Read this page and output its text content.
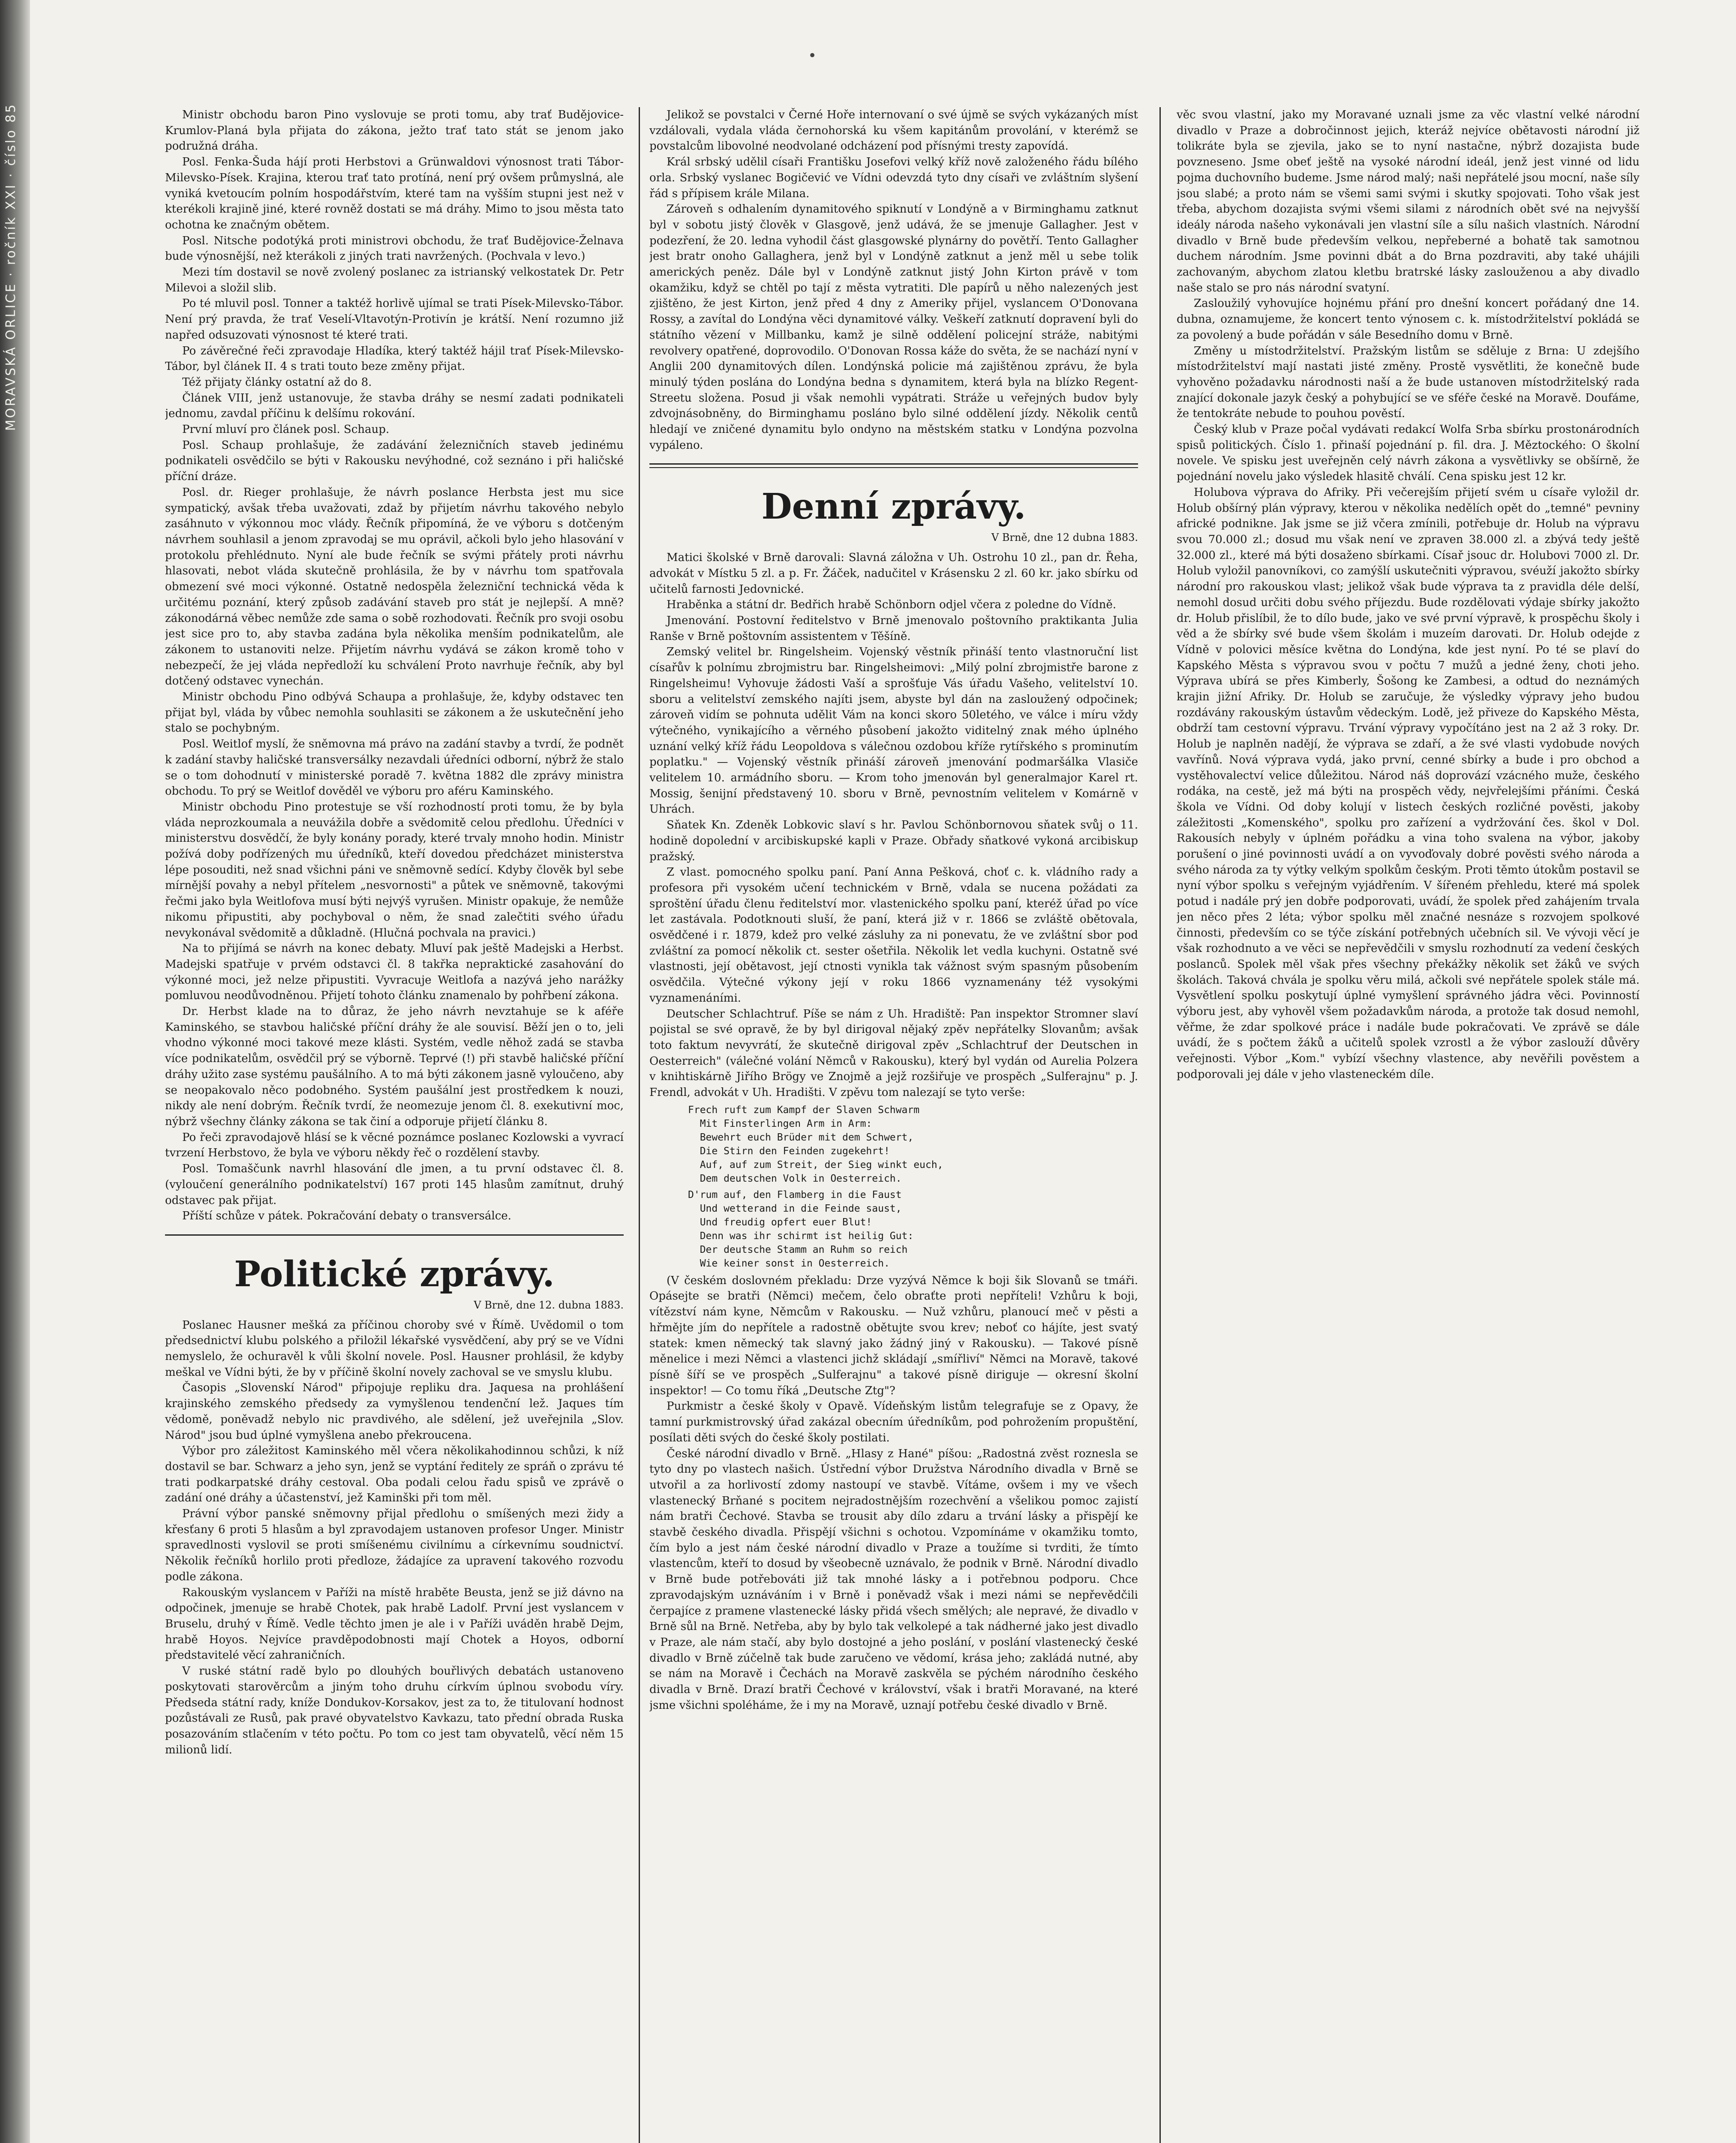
MORAVSKÁ ORLICE · ročník XXI · číslo 85
•

Ministr obchodu baron Pino vyslovuje se proti tomu, aby trať Budějovice-Krumlov-Planá byla přijata do zákona, ježto trať tato stát se jenom jako podružná dráha.

Posl. Fenka-Šuda hájí proti Herbstovi a Grünwaldovi výnosnost trati Tábor-Milevsko-Písek. Krajina, kterou trať tato protíná, není prý ovšem průmyslná, ale vyniká kvetoucím polním hospodářstvím, které tam na vyšším stupni jest než v kterékoli krajině jiné, které rovněž dostati se má dráhy. Mimo to jsou města tato ochotna ke značným obětem.

Posl. Nitsche podotýká proti ministrovi obchodu, že trať Budějovice-Želnava bude výnosnější, než kterákoli z jiných trati navržených. (Pochvala v levo.)

Mezi tím dostavil se nově zvolený poslanec za istrianský velkostatek Dr. Petr Milevoi a složil slib.

Po té mluvil posl. Tonner a taktéž horlivě ujímal se trati Písek-Milevsko-Tábor. Není prý pravda, že trať Veselí-Vltavotýn-Protivín je krátší. Není rozumno již napřed odsuzovati výnosnost té které trati.

Po závěrečné řeči zpravodaje Hladíka, který taktéž hájil trať Písek-Milevsko-Tábor, byl článek II. 4 s trati touto beze změny přijat.

Též přijaty články ostatní až do 8.

Článek VIII, jenž ustanovuje, že stavba dráhy se nesmí zadati podnikateli jednomu, zavdal příčinu k delšímu rokování.

První mluví pro článek posl. Schaup.

Posl. Schaup prohlašuje, že zadávání železničních staveb jedinému podnikateli osvědčilo se býti v Rakousku nevýhodné, což seznáno i při haličské příční dráze.

Posl. dr. Rieger prohlašuje, že návrh poslance Herbsta jest mu sice sympatický, avšak třeba uvažovati, zdaž by přijetím návrhu takového nebylo zasáhnuto v výkonnou moc vlády. Řečník připomíná, že ve výboru s dotčeným návrhem souhlasil a jenom zpravodaj se mu oprávil, ačkoli bylo jeho hlasování v protokolu přehlédnuto. Nyní ale bude řečník se svými přátely proti návrhu hlasovati, nebot vláda skutečně prohlásila, že by v návrhu tom spatřovala obmezení své moci výkonné. Ostatně nedospěla železniční technická věda k určitému poznání, který způsob zadávání staveb pro stát je nejlepší. A mně? zákonodárná věbec nemůže zde sama o sobě rozhodovati. Řečník pro svoji osobu jest sice pro to, aby stavba zadána byla několika menším podnikatelům, ale zákonem to ustanoviti nelze. Přijetím návrhu vydává se zákon kromě toho v nebezpečí, že jej vláda nepředloží ku schválení Proto navrhuje řečník, aby byl dotčený odstavec vynechán.

Ministr obchodu Pino odbývá Schaupa a prohlašuje, že, kdyby odstavec ten přijat byl, vláda by vůbec nemohla souhlasiti se zákonem a že uskutečnění jeho stalo se pochybným.

Posl. Weitlof myslí, že sněmovna má právo na zadání stavby a tvrdí, že podnět k zadání stavby haličské transversálky nezavdali úředníci odborní, nýbrž že stalo se o tom dohodnutí v ministerské poradě 7. května 1882 dle zprávy ministra obchodu. To prý se Weitlof dověděl ve výboru pro aféru Kaminského.

Ministr obchodu Pino protestuje se vší rozhodností proti tomu, že by byla vláda neprozkoumala a neuvážila dobře a svědomitě celou předlohu. Úředníci v ministerstvu dosvědčí, že byly konány porady, které trvaly mnoho hodin. Ministr požívá doby podřízených mu úředníků, kteří dovedou předcházet ministerstva lépe posouditi, než snad všichni páni ve sněmovně sedící. Kdyby člověk byl sebe mírnější povahy a nebyl přítelem „nesvornosti" a půtek ve sněmovně, takovými řečmi jako byla Weitlofova musí býti nejvýš vyrušen. Ministr opakuje, že nemůže nikomu připustiti, aby pochyboval o něm, že snad zalečtiti svého úřadu nevykonával svědomitě a důkladně. (Hlučná pochvala na pravici.)

Na to přijímá se návrh na konec debaty. Mluví pak ještě Madejski a Herbst. Madejski spatřuje v prvém odstavci čl. 8 takřka nepraktické zasahování do výkonné moci, jež nelze připustiti. Vyvracuje Weitlofa a nazývá jeho narážky pomluvou neodůvodněnou. Přijetí tohoto článku znamenalo by pohřbení zákona.

Dr. Herbst klade na to důraz, že jeho návrh nevztahuje se k aféře Kaminského, se stavbou haličské příční dráhy že ale souvisí. Běží jen o to, jeli vhodno výkonné moci takové meze klásti. Systém, vedle něhož zadá se stavba více podnikatelům, osvědčil prý se výborně. Teprvé (!) při stavbě haličské příční dráhy užito zase systému paušálního. A to má býti zákonem jasně vyloučeno, aby se neopakovalo něco podobného. Systém paušální jest prostředkem k nouzi, nikdy ale není dobrým. Řečník tvrdí, že neomezuje jenom čl. 8. exekutivní moc, nýbrž všechny články zákona se tak činí a odporuje přijetí článku 8.

Po řeči zpravodajově hlásí se k věcné poznámce poslanec Kozlowski a vyvrací tvrzení Herbstovo, že byla ve výboru někdy řeč o rozdělení stavby.

Posl. Tomaščunk navrhl hlasování dle jmen, a tu první odstavec čl. 8. (vyloučení generálního podnikatelství) 167 proti 145 hlasům zamítnut, druhý odstavec pak přijat.

Příští schůze v pátek. Pokračování debaty o transversálce.

Politické zprávy.

V Brně, dne 12. dubna 1883.

Poslanec Hausner mešká za příčinou choroby své v Římě. Uvědomil o tom předsednictví klubu polského a přiložil lékařské vysvědčení, aby prý se ve Vídni nemyslelo, že ochuravěl k vůli školní novele. Posl. Hausner prohlásil, že kdyby meškal ve Vídni býti, že by v příčině školní novely zachoval se ve smyslu klubu.

Časopis „Slovenskí Národ" připojuje repliku dra. Jaquesa na prohlášení krajinského zemského předsedy za vymyšlenou tendenční lež. Jaques tím vědomě, poněvadž nebylo nic pravdivého, ale sdělení, jež uveřejnila „Slov. Národ" jsou bud úplné vymyšlena anebo překroucena.

Výbor pro záležitost Kaminského měl včera několikahodinnou schůzi, k níž dostavil se bar. Schwarz a jeho syn, jenž se vyptání ředitely ze spráň o zprávu té trati podkarpatské dráhy cestoval. Oba podali celou řadu spisů ve zprávě o zadání oné dráhy a účastenství, jež Kaminški při tom měl.

Právní výbor panské sněmovny přijal předlohu o smíšených mezi židy a křesťany 6 proti 5 hlasům a byl zpravodajem ustanoven profesor Unger. Ministr spravedlnosti vyslovil se proti smíšenému civilnímu a církevnímu soudnictví. Několik řečníků horlilo proti předloze, žádajíce za upravení takového rozvodu podle zákona.

Rakouským vyslancem v Paříži na místě hraběte Beusta, jenž se již dávno na odpočinek, jmenuje se hrabě Chotek, pak hrabě Ladolf. První jest vyslancem v Bruselu, druhý v Římě. Vedle těchto jmen je ale i v Paříži uváděn hrabě Dejm, hrabě Hoyos. Nejvíce pravděpodobnosti mají Chotek a Hoyos, odborní představitelé věcí zahraničních.

V ruské státní radě bylo po dlouhých bouřlivých debatách ustanoveno poskytovati starověrcům a jiným toho druhu církvím úplnou svobodu víry. Předseda státní rady, kníže Dondukov-Korsakov, jest za to, že titulovaní hodnost pozůstávali ze Rusů, pak pravé obyvatelstvo Kavkazu, tato přední obrada Ruska posazováním stlačením v této počtu. Po tom co jest tam obyvatelů, věcí něm 15 milionů lidí.

Jelikož se povstalci v Černé Hoře internovaní o své újmě se svých vykázaných míst vzdálovali, vydala vláda černohorská ku všem kapitánům provolání, v kterémž se povstalcům libovolné neodvolané odcházení pod přísnými tresty zapovídá.

Král srbský udělil císaři Františku Josefovi velký kříž nově založeného řádu bílého orla. Srbský vyslanec Bogičević ve Vídni odevzdá tyto dny císaři ve zvláštním slyšení řád s přípisem krále Milana.

Zároveň s odhalením dynamitového spiknutí v Londýně a v Birminghamu zatknut byl v sobotu jistý člověk v Glasgově, jenž udává, že se jmenuje Gallagher. Jest v podezření, že 20. ledna vyhodil část glasgowské plynárny do povětří. Tento Gallagher jest bratr onoho Gallaghera, jenž byl v Londýně zatknut a jenž měl u sebe tolik amerických peněz. Dále byl v Londýně zatknut jistý John Kirton právě v tom okamžiku, když se chtěl po tají z města vytratiti. Dle papírů u něho nalezených jest zjištěno, že jest Kirton, jenž před 4 dny z Ameriky přijel, vyslancem O'Donovana Rossy, a zavítal do Londýna věci dynamitové války. Veškeří zatknutí dopravení byli do státního vězení v Millbanku, kamž je silně oddělení policejní stráže, nabitými revolvery opatřené, doprovodilo. O'Donovan Rossa káže do světa, že se nachází nyní v Anglii 200 dynamitových dílen. Londýnská policie má zajištěnou zprávu, že byla minulý týden poslána do Londýna bedna s dynamitem, která byla na blízko Regent-Streetu složena. Posud ji však nemohli vypátrati. Stráže u veřejných budov byly zdvojnásobněny, do Birminghamu posláno bylo silné oddělení jízdy. Několik centů hledají ve zničené dynamitu bylo ondyno na městském statku v Londýna pozvolna vypáleno.

Denní zprávy.

V Brně, dne 12 dubna 1883.

Matici školské v Brně darovali: Slavná záložna v Uh. Ostrohu 10 zl., pan dr. Řeha, advokát v Místku 5 zl. a p. Fr. Žáček, nadučitel v Krásensku 2 zl. 60 kr. jako sbírku od učitelů farnosti Jedovnické.

Hraběnka a státní dr. Bedřich hrabě Schönborn odjel včera z poledne do Vídně.

Jmenování. Postovní ředitelstvo v Brně jmenovalo poštovního praktikanta Julia Ranše v Brně poštovním assistentem v Těšíně.

Zemský velitel br. Ringelsheim. Vojenský věstník přináší tento vlastnoruční list císařův k polnímu zbrojmistru bar. Ringelsheimovi: „Milý polní zbrojmistře barone z Ringelsheimu! Vyhovuje žádosti Vaší a sprošťuje Vás úřadu Vašeho, velitelství 10. sboru a velitelství zemského najíti jsem, abyste byl dán na zasloužený odpočinek; zároveň vidím se pohnuta udělit Vám na konci skoro 50letého, ve válce i míru vždy výtečného, vynikajícího a věrného působení jakožto viditelný znak mého úplného uznání velký kříž řádu Leopoldova s válečnou ozdobou kříže rytířského s prominutím poplatku." — Vojenský věstník přináší zároveň jmenování podmaršálka Vlasiče velitelem 10. armádního sboru. — Krom toho jmenován byl generalmajor Karel rt. Mossig, šenijní představený 10. sboru v Brně, pevnostním velitelem v Komárně v Uhrách.

Sňatek Kn. Zdeněk Lobkovic slaví s hr. Pavlou Schönbornovou sňatek svůj o 11. hodině dopolední v arcibiskupské kapli v Praze. Obřady sňatkové vykoná arcibiskup pražský.

Z vlast. pomocného spolku paní. Paní Anna Pešková, choť c. k. vládního rady a profesora při vysokém učení technickém v Brně, vdala se nucena požádati za sproštění úřadu členu ředitelství mor. vlastenického spolku paní, kteréž úřad po více let zastávala. Podotknouti sluší, že paní, která již v r. 1866 se zvláště obětovala, osvědčené i r. 1879, kdež pro velké zásluhy za ni ponevatu, že ve zvláštní sbor pod zvláštní za pomocí několik ct. sester ošetřila. Několik let vedla kuchyni. Ostatně své vlastnosti, její obětavost, její ctnosti vynikla tak vážnost svým spasným působením osvědčila. Výtečné výkony její v roku 1866 vyznamenány též vysokými vyznamenáními.

Deutscher Schlachtruf. Píše se nám z Uh. Hradiště: Pan inspektor Stromner slaví pojistal se své opravě, že by byl dirigoval nějaký zpěv nepřátelky Slovanům; avšak toto faktum nevyvrátí, že skutečně dirigoval zpěv „Schlachtruf der Deutschen in Oesterreich" (válečné volání Němců v Rakousku), který byl vydán od Aurelia Polzera v knihtiskárně Jiřího Brögy ve Znojmě a jejž rozšiřuje ve prospěch „Sulferajnu" p. J. Frendl, advokát v Uh. Hradišti. V zpěvu tom nalezají se tyto verše:

Frech ruft zum Kampf der Slaven Schwarm
Mit Finsterlingen Arm in Arm:
Bewehrt euch Brüder mit dem Schwert,
Die Stirn den Feinden zugekehrt!
Auf, auf zum Streit, der Sieg winkt euch,
Dem deutschen Volk in Oesterreich.
D'rum auf, den Flamberg in die Faust
Und wetterand in die Feinde saust,
Und freudig opfert euer Blut!
Denn was ihr schirmt ist heilig Gut:
Der deutsche Stamm an Ruhm so reich
Wie keiner sonst in Oesterreich.

(V českém doslovném překladu: Drze vyzývá Němce k boji šik Slovanů se tmáři. Opásejte se bratři (Němci) mečem, čelo obraťte proti nepříteli! Vzhůru k boji, vítězství nám kyne, Němcům v Rakousku. — Nuž vzhůru, planoucí meč v pěsti a hřmějte jím do nepřítele a radostně obětujte svou krev; neboť co hájíte, jest svatý statek: kmen německý tak slavný jako žádný jiný v Rakousku). — Takové písně měnelice i mezi Němci a vlastenci jichž skládají „smířliví" Němci na Moravě, takové písně šíří se ve prospěch „Sulferajnu" a takové písně diriguje — okresní školní inspektor! — Co tomu říká „Deutsche Ztg"?

Purkmistr a české školy v Opavě. Vídeňským listům telegrafuje se z Opavy, že tamní purkmistrovský úřad zakázal obecním úředníkům, pod pohrožením propuštění, posílati děti svých do české školy postilati.

České národní divadlo v Brně. „Hlasy z Hané" píšou: „Radostná zvěst roznesla se tyto dny po vlastech našich. Ústřední výbor Družstva Národního divadla v Brně se utvořil a za horlivostí zdomy nastoupí ve stavbě. Vítáme, ovšem i my ve všech vlastenecký Brňané s pocitem nejradostnějším rozechvění a všelikou pomoc zajistí nám bratři Čechové. Stavba se trousit aby dílo zdaru a trvání lásky a přispějí ke stavbě českého divadla. Přispějí všichni s ochotou. Vzpomínáme v okamžiku tomto, čím bylo a jest nám české národní divadlo v Praze a toužíme si tvrditi, že tímto vlastencům, kteří to dosud by všeobecně uznávalo, že podnik v Brně. Národní divadlo v Brně bude potřebováti již tak mnohé lásky a i potřebnou podporu. Chce zpravodajským uznáváním i v Brně i poněvadž však i mezi námi se nepřevědčili čerpajíce z pramene vlastenecké lásky přidá všech smělých; ale nepravé, že divadlo v Brně sůl na Brně. Netřeba, aby by bylo tak velkolepé a tak nádherné jako jest divadlo v Praze, ale nám stačí, aby bylo dostojné a jeho poslání, v poslání vlastenecký české divadlo v Brně zúčelně tak bude zaručeno ve vědomí, krása jeho; zakládá nutné, aby se nám na Moravě i Čechách na Moravě zaskvěla se pýchém národního českého divadla v Brně. Drazí bratři Čechové v království, však i bratři Moravané, na které jsme všichni spoléháme, že i my na Moravě, uznají potřebu české divadlo v Brně.

věc svou vlastní, jako my Moravané uznali jsme za věc vlastní velké národní divadlo v Praze a dobročinnost jejich, kteráž nejvíce obětavosti národní již tolikráte byla se zjevila, jako se to nyní nastačne, nýbrž dozajista bude povzneseno. Jsme obeť ještě na vysoké národní ideál, jenž jest vinné od lidu pojma duchovního budeme. Jsme národ malý; naši nepřátelé jsou mocní, naše síly jsou slabé; a proto nám se všemi sami svými i skutky spojovati. Toho však jest třeba, abychom dozajista svými všemi silami z národních obět své na nejvyšší ideály národa našeho vykonávali jen vlastní síle a sílu našich vlastních. Národní divadlo v Brně bude především velkou, nepřeberné a bohatě tak samotnou duchem národním. Jsme povinni dbát a do Brna pozdraviti, aby také uhájili zachovaným, abychom zlatou kletbu bratrské lásky zaslouženou a aby divadlo naše stalo se pro nás národní svatyní.

Zasloužilý vyhovujíce hojnému přání pro dnešní koncert pořádaný dne 14. dubna, oznamujeme, že koncert tento výnosem c. k. místodržitelství pokládá se za povolený a bude pořádán v sále Besedního domu v Brně.

Změny u místodržitelství. Pražským listům se sděluje z Brna: U zdejšího místodržitelství mají nastati jisté změny. Prostě vysvětliti, že konečně bude vyhověno požadavku národnosti naší a že bude ustanoven místodržitelský rada znající dokonale jazyk český a pohybující se ve sféře české na Moravě. Doufáme, že tentokráte nebude to pouhou pověstí.

Český klub v Praze počal vydávati redakcí Wolfa Srba sbírku prostonárodních spisů politických. Číslo 1. přinaší pojednání p. fil. dra. J. Měztockého: O školní novele. Ve spisku jest uveřejněn celý návrh zákona a vysvětlivky se obšírně, že pojednání novelu jako výsledek hlasitě chválí. Cena spisku jest 12 kr.

Holubova výprava do Afriky. Při večerejším přijetí svém u císaře vyložil dr. Holub obšírný plán výpravy, kterou v několika nedělích opět do „temné" pevniny africké podnikne. Jak jsme se již včera zmínili, potřebuje dr. Holub na výpravu svou 70.000 zl.; dosud mu však není ve zpraven 38.000 zl. a zbývá tedy ještě 32.000 zl., které má býti dosaženo sbírkami. Císař jsouc dr. Holubovi 7000 zl. Dr. Holub vyložil panovníkovi, co zamýšlí uskutečniti výpravou, svéuží jakožto sbírky národní pro rakouskou vlast; jelikož však bude výprava ta z pravidla déle delší, nemohl dosud určiti dobu svého příjezdu. Bude rozdělovati výdaje sbírky jakožto dr. Holub přislíbil, že to dílo bude, jako ve své první výpravě, k prospěchu školy i věd a že sbírky své bude všem školám i muzeím darovati. Dr. Holub odejde z Vídně v polovici měsíce května do Londýna, kde jest nyní. Po té se plaví do Kapského Města s výpravou svou v počtu 7 mužů a jedné ženy, choti jeho. Výprava ubírá se přes Kimberly, Šošong ke Zambesi, a odtud do neznámých krajin jižní Afriky. Dr. Holub se zaručuje, že výsledky výpravy jeho budou rozdávány rakouským ústavům vědeckým. Lodě, jež přiveze do Kapského Města, obdrží tam cestovní výpravu. Trvání výpravy vypočítáno jest na 2 až 3 roky. Dr. Holub je naplněn nadějí, že výprava se zdaří, a že své vlasti vydobude nových vavřínů. Nová výprava vydá, jako první, cenné sbírky a bude i pro obchod a vystěhovalectví velice důležitou. Národ náš doprovází vzácného muže, českého rodáka, na cestě, jež má býti na prospěch vědy, nejvřelejšími přáními. Česká škola ve Vídni. Od doby kolují v listech českých rozličné pověsti, jakoby záležitosti „Komenského", spolku pro zařízení a vydržování čes. škol v Dol. Rakousích nebyly v úplném pořádku a vina toho svalena na výbor, jakoby porušení o jiné povinnosti uvádí a on vyvoďovaly dobré pověsti svého národa a svého národa za ty výtky velkým spolkům českým. Proti těmto útokům postavil se nyní výbor spolku s veřejným vyjádřením. V šířeném přehledu, které má spolek potud i nadále prý jen dobře podporovati, uvádí, že spolek před zahájením trvala jen něco přes 2 léta; výbor spolku měl značné nesnáze s rozvojem spolkové činnosti, především co se týče získání potřebných učebních sil. Ve vývoji věcí je však rozhodnuto a ve věci se nepřevědčili v smyslu rozhodnutí za vedení českých poslanců. Spolek měl však přes všechny překážky několik set žáků ve svých školách. Taková chvála je spolku věru milá, ačkoli své nepřátele spolek stále má. Vysvětlení spolku poskytují úplné vymyšlení správného jádra věci. Povinností výboru jest, aby vyhověl všem požadavkům národa, a protože tak dosud nemohl, věřme, že zdar spolkové práce i nadále bude pokračovati. Ve zprávě se dále uvádí, že s počtem žáků a učitelů spolek vzrostl a že výbor zaslouží důvěry veřejnosti. Výbor „Kom." vybízí všechny vlastence, aby nevěřili pověstem a podporovali jej dále v jeho vlasteneckém díle.
